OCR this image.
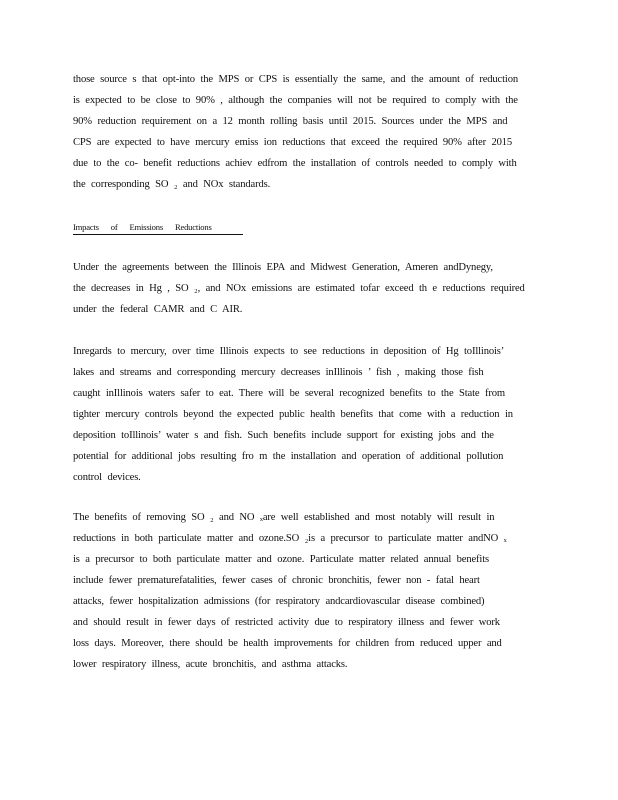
those source s that opt-into the MPS or CPS is essentially the same, and the amount of reduction
is expected to be close to 90% , although the companies will not be required to comply with the
90% reduction requirement on a 12 month rolling basis until 2015. Sources under the MPS and
CPS are expected to have mercury emiss ion reductions that exceed the required 90% after 2015
due to the co- benefit reductions achiev edfrom the installation of controls needed to comply with
the corresponding SO ₂ and NOx standards.
Impacts of Emissions Reductions
Under the agreements between the Illinois EPA and Midwest Generation, Ameren andDynegy,
the decreases in Hg , SO ₂, and NOx emissions are estimated tofar exceed th e reductions required
under the federal CAMR and C AIR.
Inregards to mercury, over time Illinois expects to see reductions in deposition of Hg toIllinois’
lakes and streams and corresponding mercury decreases inIllinois ’ fish , making those fish
caught inIllinois waters safer to eat. There will be several recognized benefits to the State from
tighter mercury controls beyond the expected public health benefits that come with a reduction in
deposition toIllinois’ water s and fish. Such benefits include support for existing jobs and the
potential for additional jobs resulting fro m the installation and operation of additional pollution
control devices.
The benefits of removing SO ₂ and NO ₓare well established and most notably will result in
reductions in both particulate matter and ozone.SO ₂is a precursor to particulate matter andNO ₓ
is a precursor to both particulate matter and ozone. Particulate matter related annual benefits
include fewer prematurefatalities, fewer cases of chronic bronchitis, fewer non - fatal heart
attacks, fewer hospitalization admissions (for respiratory andcardiovascular disease combined)
and should result in fewer days of restricted activity due to respiratory illness and fewer work
loss days. Moreover, there should be health improvements for children from reduced upper and
lower respiratory illness, acute bronchitis, and asthma attacks.
